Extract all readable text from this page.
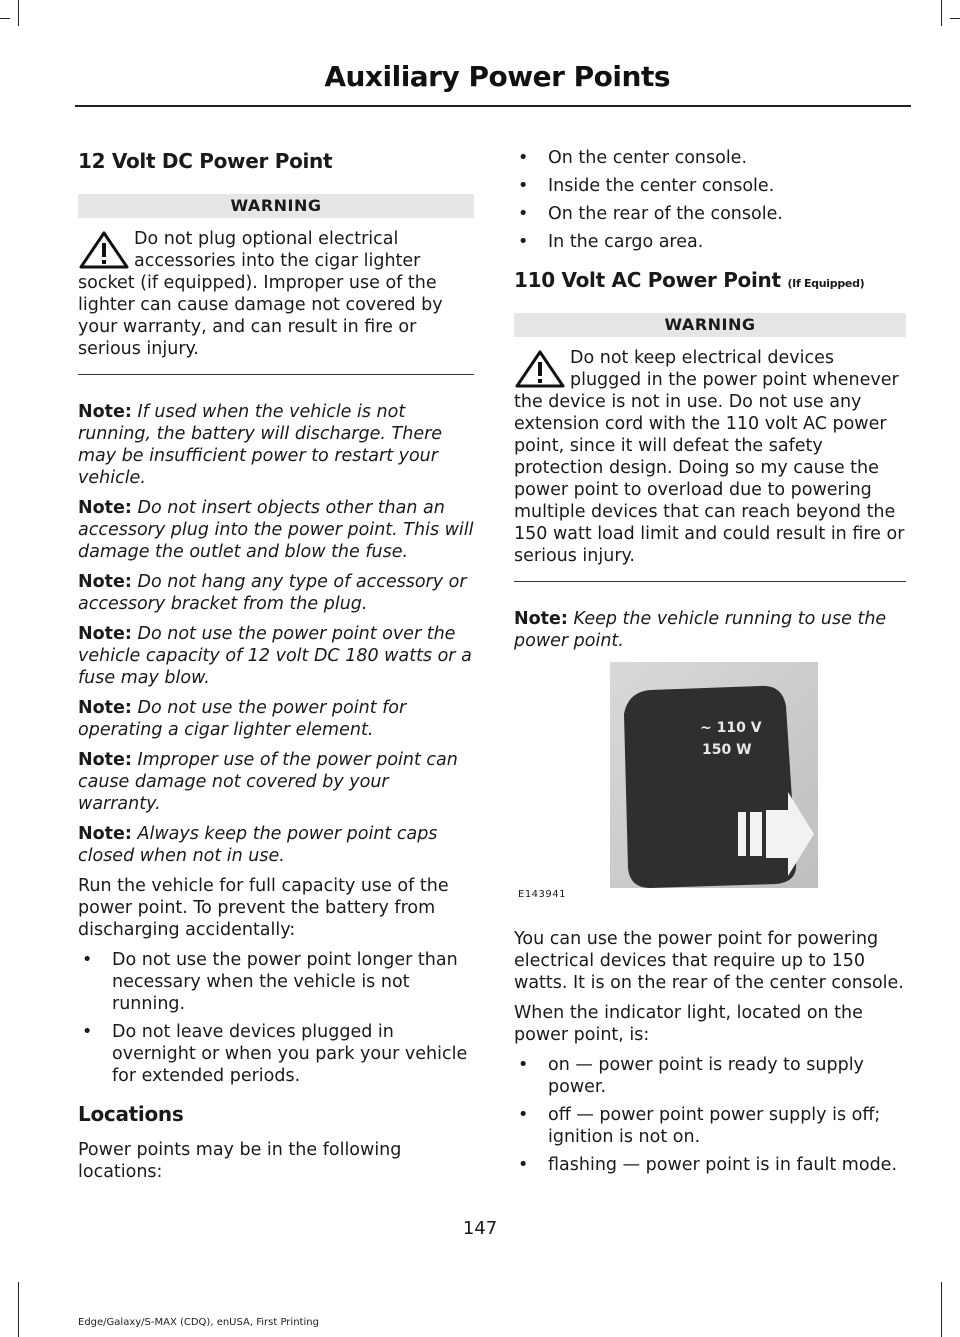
Auxiliary Power Points
12 Volt DC Power Point
WARNING

Do not plug optional electrical accessories into the cigar lighter socket (if equipped). Improper use of the lighter can cause damage not covered by your warranty, and can result in fire or serious injury.

Note: If used when the vehicle is not running, the battery will discharge. There may be insufficient power to restart your vehicle.

Note: Do not insert objects other than an accessory plug into the power point. This will damage the outlet and blow the fuse.

Note: Do not hang any type of accessory or accessory bracket from the plug.

Note: Do not use the power point over the vehicle capacity of 12 volt DC 180 watts or a fuse may blow.

Note: Do not use the power point for operating a cigar lighter element.

Note: Improper use of the power point can cause damage not covered by your warranty.

Note: Always keep the power point caps closed when not in use.

Run the vehicle for full capacity use of the power point. To prevent the battery from discharging accidentally:

• Do not use the power point longer than necessary when the vehicle is not running.
• Do not leave devices plugged in overnight or when you park your vehicle for extended periods.
Locations

Power points may be in the following locations:

• On the center console.
• Inside the center console.
• On the rear of the console.
• In the cargo area.
110 Volt AC Power Point (If Equipped)
WARNING

Do not keep electrical devices plugged in the power point whenever the device is not in use. Do not use any extension cord with the 110 volt AC power point, since it will defeat the safety protection design. Doing so my cause the power point to overload due to powering multiple devices that can reach beyond the 150 watt load limit and could result in fire or serious injury.

Note: Keep the vehicle running to use the power point.

~ 110 V
150 W
E143941

You can use the power point for powering electrical devices that require up to 150 watts. It is on the rear of the center console.

When the indicator light, located on the power point, is:

• on — power point is ready to supply power.
• off — power point power supply is off; ignition is not on.
• flashing — power point is in fault mode.
147
Edge/Galaxy/S-MAX (CDQ), enUSA, First Printing
